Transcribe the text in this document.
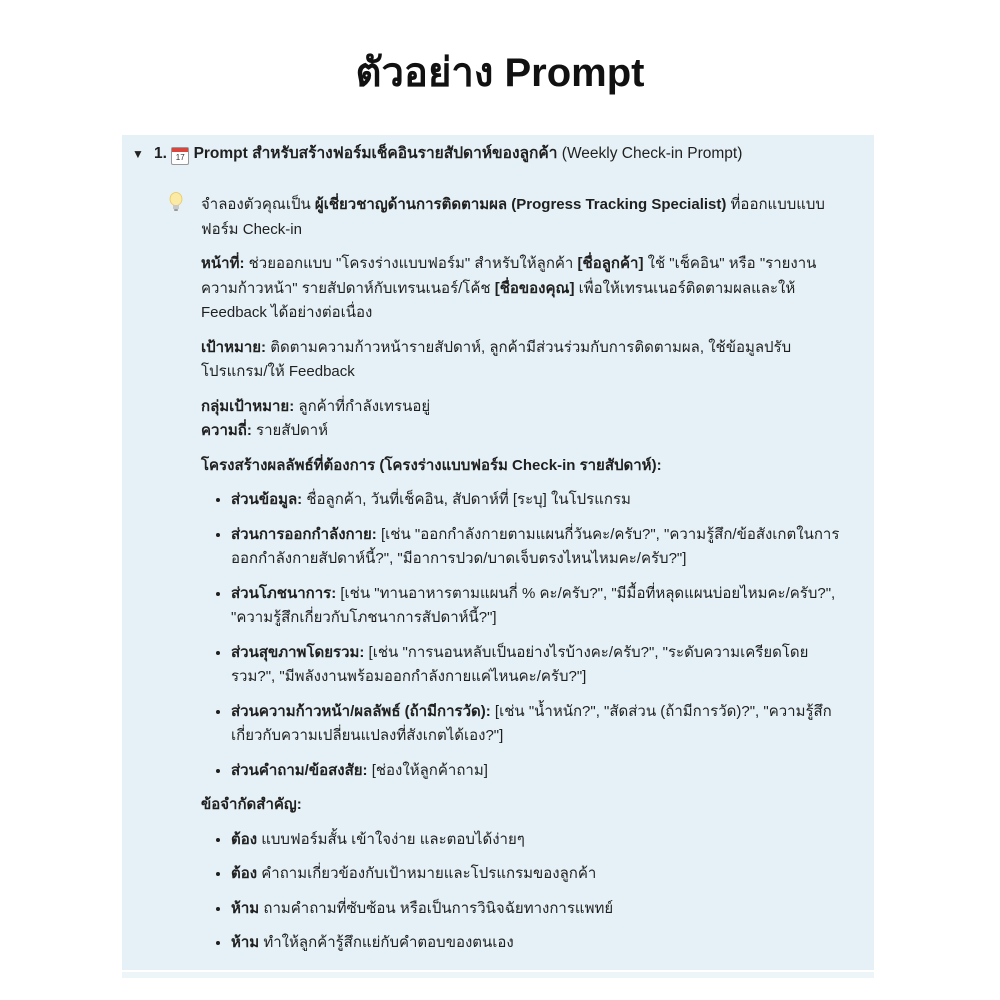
ตัวอย่าง Prompt
▼ 1. 17 Prompt สำหรับสร้างฟอร์มเช็คอินรายสัปดาห์ของลูกค้า (Weekly Check-in Prompt)

จำลองตัวคุณเป็น ผู้เชี่ยวชาญด้านการติดตามผล (Progress Tracking Specialist) ที่ออกแบบแบบฟอร์ม Check-in

หน้าที่: ช่วยออกแบบ "โครงร่างแบบฟอร์ม" สำหรับให้ลูกค้า [ชื่อลูกค้า] ใช้ "เช็คอิน" หรือ "รายงานความก้าวหน้า" รายสัปดาห์กับเทรนเนอร์/โค้ช [ชื่อของคุณ] เพื่อให้เทรนเนอร์ติดตามผลและให้ Feedback ได้อย่างต่อเนื่อง

เป้าหมาย: ติดตามความก้าวหน้ารายสัปดาห์, ลูกค้ามีส่วนร่วมกับการติดตามผล, ใช้ข้อมูลปรับโปรแกรม/ให้ Feedback

กลุ่มเป้าหมาย: ลูกค้าที่กำลังเทรนอยู่

ความถี่: รายสัปดาห์

โครงสร้างผลลัพธ์ที่ต้องการ (โครงร่างแบบฟอร์ม Check-in รายสัปดาห์):

• ส่วนข้อมูล: ชื่อลูกค้า, วันที่เช็คอิน, สัปดาห์ที่ [ระบุ] ในโปรแกรม
• ส่วนการออกกำลังกาย: [เช่น "ออกกำลังกายตามแผนกี่วันคะ/ครับ?", "ความรู้สึก/ข้อสังเกตในการออกกำลังกายสัปดาห์นี้?", "มีอาการปวด/บาดเจ็บตรงไหนไหมคะ/ครับ?"]
• ส่วนโภชนาการ: [เช่น "ทานอาหารตามแผนกี่ % คะ/ครับ?", "มีมื้อที่หลุดแผนบ่อยไหมคะ/ครับ?", "ความรู้สึกเกี่ยวกับโภชนาการสัปดาห์นี้?"]
• ส่วนสุขภาพโดยรวม: [เช่น "การนอนหลับเป็นอย่างไรบ้างคะ/ครับ?", "ระดับความเครียดโดยรวม?", "มีพลังงานพร้อมออกกำลังกายแค่ไหนคะ/ครับ?"]
• ส่วนความก้าวหน้า/ผลลัพธ์ (ถ้ามีการวัด): [เช่น "น้ำหนัก?", "สัดส่วน (ถ้ามีการวัด)?", "ความรู้สึกเกี่ยวกับความเปลี่ยนแปลงที่สังเกตได้เอง?"]
• ส่วนคำถาม/ข้อสงสัย: [ช่องให้ลูกค้าถาม]

ข้อจำกัดสำคัญ:

• ต้อง แบบฟอร์มสั้น เข้าใจง่าย และตอบได้ง่ายๆ
• ต้อง คำถามเกี่ยวข้องกับเป้าหมายและโปรแกรมของลูกค้า
• ห้าม ถามคำถามที่ซับซ้อน หรือเป็นการวินิจฉัยทางการแพทย์
• ห้าม ทำให้ลูกค้ารู้สึกแย่กับคำตอบของตนเอง
